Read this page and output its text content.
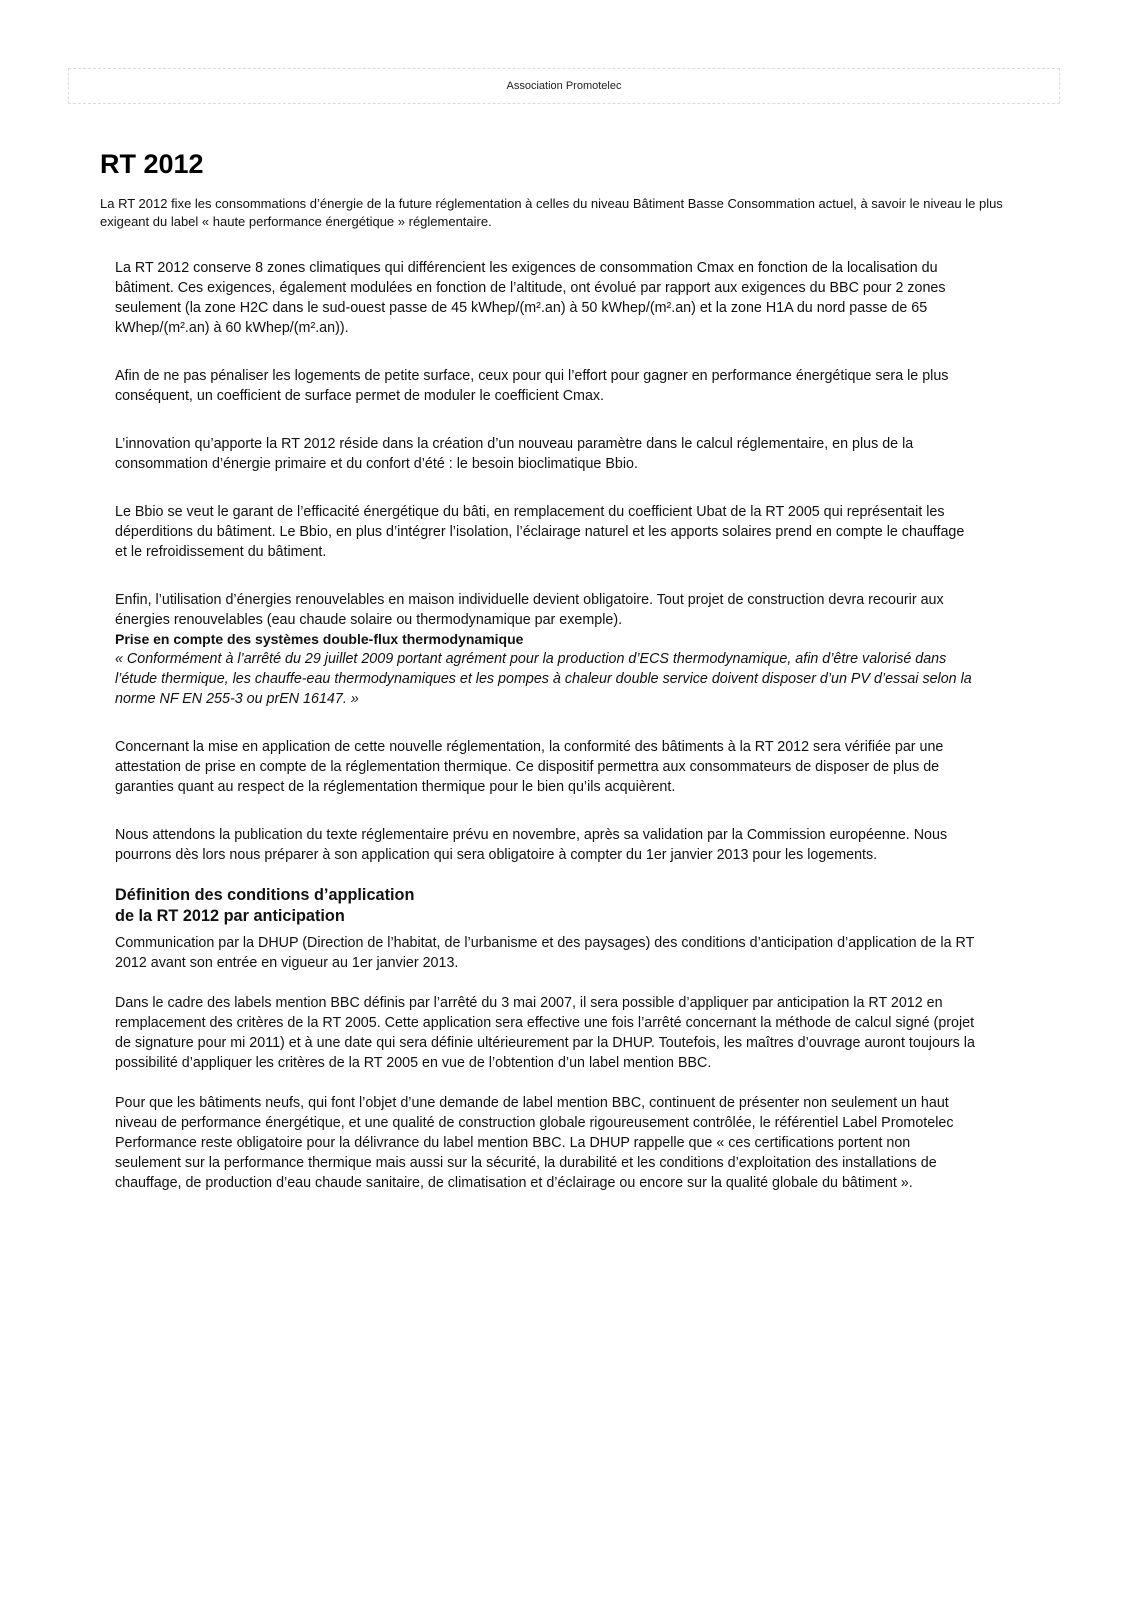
Association Promotelec
RT 2012

La RT 2012 fixe les consommations d’énergie de la future réglementation à celles du niveau Bâtiment Basse Consommation actuel, à savoir le niveau le plus exigeant du label « haute performance énergétique » réglementaire.

La RT 2012 conserve 8 zones climatiques qui différencient les exigences de consommation Cmax en fonction de la localisation du bâtiment. Ces exigences, également modulées en fonction de l’altitude, ont évolué par rapport aux exigences du BBC pour 2 zones seulement (la zone H2C dans le sud-ouest passe de 45 kWhep/(m².an) à 50 kWhep/(m².an) et la zone H1A du nord passe de 65 kWhep/(m².an) à 60 kWhep/(m².an)).

Afin de ne pas pénaliser les logements de petite surface, ceux pour qui l’effort pour gagner en performance énergétique sera le plus conséquent, un coefficient de surface permet de moduler le coefficient Cmax.

L’innovation qu’apporte la RT 2012 réside dans la création d’un nouveau paramètre dans le calcul réglementaire, en plus de la consommation d’énergie primaire et du confort d’été : le besoin bioclimatique Bbio.

Le Bbio se veut le garant de l’efficacité énergétique du bâti, en remplacement du coefficient Ubat de la RT 2005 qui représentait les déperditions du bâtiment. Le Bbio, en plus d’intégrer l’isolation, l’éclairage naturel et les apports solaires prend en compte le chauffage et le refroidissement du bâtiment.

Enfin, l’utilisation d’énergies renouvelables en maison individuelle devient obligatoire. Tout projet de construction devra recourir aux énergies renouvelables (eau chaude solaire ou thermodynamique par exemple).

Prise en compte des systèmes double-flux thermodynamique

« Conformément à l’arrêté du 29 juillet 2009 portant agrément pour la production d’ECS thermodynamique, afin d’être valorisé dans l’étude thermique, les chauffe-eau thermodynamiques et les pompes à chaleur double service doivent disposer d’un PV d’essai selon la norme NF EN 255-3 ou prEN 16147. »

Concernant la mise en application de cette nouvelle réglementation, la conformité des bâtiments à la RT 2012 sera vérifiée par une attestation de prise en compte de la réglementation thermique. Ce dispositif permettra aux consommateurs de disposer de plus de garanties quant au respect de la réglementation thermique pour le bien qu’ils acquièrent.

Nous attendons la publication du texte réglementaire prévu en novembre, après sa validation par la Commission européenne. Nous pourrons dès lors nous préparer à son application qui sera obligatoire à compter du 1er janvier 2013 pour les logements.

Définition des conditions d’application

de la RT 2012 par anticipation

Communication par la DHUP (Direction de l’habitat, de l’urbanisme et des paysages) des conditions d’anticipation d’application de la RT 2012 avant son entrée en vigueur au 1er janvier 2013.

Dans le cadre des labels mention BBC définis par l’arrêté du 3 mai 2007, il sera possible d’appliquer par anticipation la RT 2012 en remplacement des critères de la RT 2005. Cette application sera effective une fois l’arrêté concernant la méthode de calcul signé (projet de signature pour mi 2011) et à une date qui sera définie ultérieurement par la DHUP. Toutefois, les maîtres d’ouvrage auront toujours la possibilité d’appliquer les critères de la RT 2005 en vue de l’obtention d’un label mention BBC.

Pour que les bâtiments neufs, qui font l’objet d’une demande de label mention BBC, continuent de présenter non seulement un haut niveau de performance énergétique, et une qualité de construction globale rigoureusement contrôlée, le référentiel Label Promotelec Performance reste obligatoire pour la délivrance du label mention BBC. La DHUP rappelle que « ces certifications portent non seulement sur la performance thermique mais aussi sur la sécurité, la durabilité et les conditions d’exploitation des installations de chauffage, de production d’eau chaude sanitaire, de climatisation et d’éclairage ou encore sur la qualité globale du bâtiment ».
